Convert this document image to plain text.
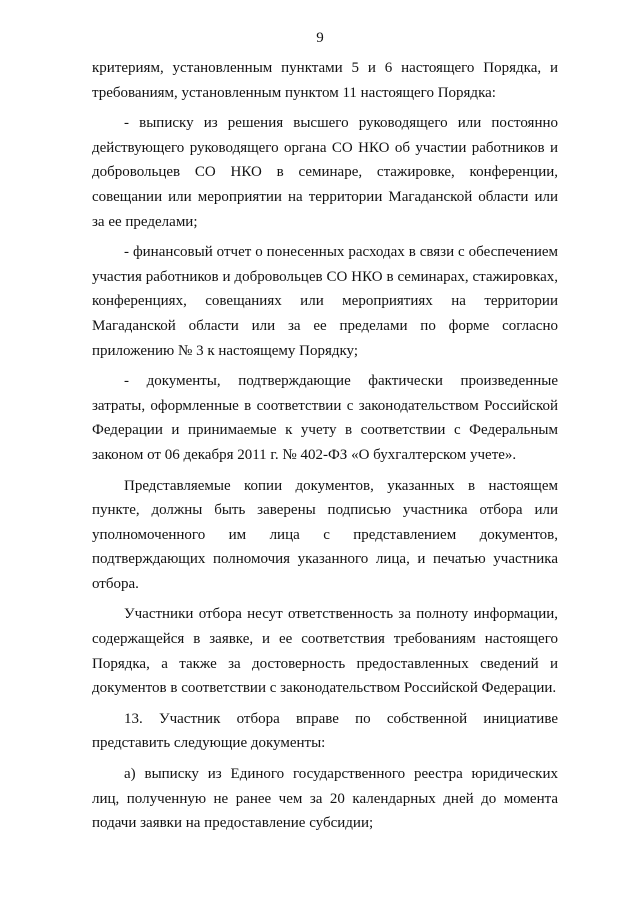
9

критериям, установленным пунктами 5 и 6 настоящего Порядка, и требованиям, установленным пунктом 11 настоящего Порядка:

- выписку из решения высшего руководящего или постоянно действующего руководящего органа СО НКО об участии работников и добровольцев СО НКО в семинаре, стажировке, конференции, совещании или мероприятии на территории Магаданской области или за ее пределами;

- финансовый отчет о понесенных расходах в связи с обеспечением участия работников и добровольцев СО НКО в семинарах, стажировках, конференциях, совещаниях или мероприятиях на территории Магаданской области или за ее пределами по форме согласно приложению № 3 к настоящему Порядку;

- документы, подтверждающие фактически произведенные затраты, оформленные в соответствии с законодательством Российской Федерации и принимаемые к учету в соответствии с Федеральным законом от 06 декабря 2011 г. № 402-ФЗ «О бухгалтерском учете».

Представляемые копии документов, указанных в настоящем пункте, должны быть заверены подписью участника отбора или уполномоченного им лица с представлением документов, подтверждающих полномочия указанного лица, и печатью участника отбора.

Участники отбора несут ответственность за полноту информации, содержащейся в заявке, и ее соответствия требованиям настоящего Порядка, а также за достоверность предоставленных сведений и документов в соответствии с законодательством Российской Федерации.

13. Участник отбора вправе по собственной инициативе представить следующие документы:

а) выписку из Единого государственного реестра юридических лиц, полученную не ранее чем за 20 календарных дней до момента подачи заявки на предоставление субсидии;
